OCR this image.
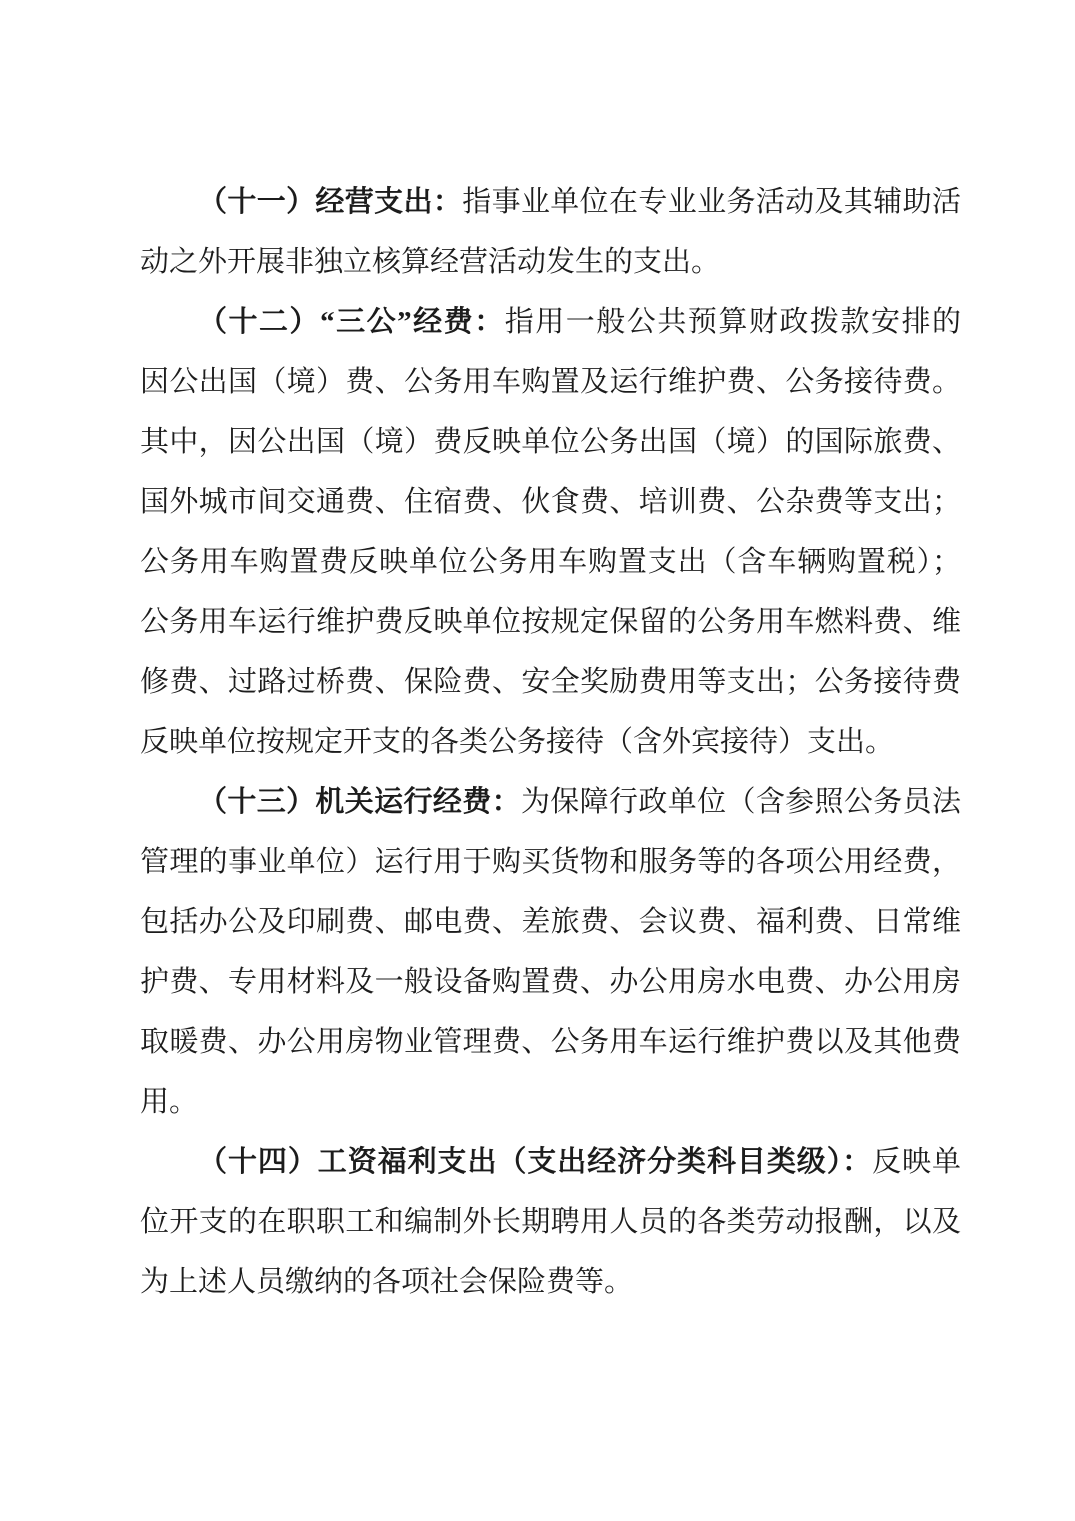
（十一）经营支出：指事业单位在专业业务活动及其辅助活
动之外开展非独立核算经营活动发生的支出。
（十二）“三公”经费：指用一般公共预算财政拨款安排的
因公出国（境）费、公务用车购置及运行维护费、公务接待费。
其中，因公出国（境）费反映单位公务出国（境）的国际旅费、
国外城市间交通费、住宿费、伙食费、培训费、公杂费等支出；
公务用车购置费反映单位公务用车购置支出（含车辆购置税）；
公务用车运行维护费反映单位按规定保留的公务用车燃料费、维
修费、过路过桥费、保险费、安全奖励费用等支出；公务接待费
反映单位按规定开支的各类公务接待（含外宾接待）支出。
（十三）机关运行经费：为保障行政单位（含参照公务员法
管理的事业单位）运行用于购买货物和服务等的各项公用经费，
包括办公及印刷费、邮电费、差旅费、会议费、福利费、日常维
护费、专用材料及一般设备购置费、办公用房水电费、办公用房
取暖费、办公用房物业管理费、公务用车运行维护费以及其他费
用。
（十四）工资福利支出（支出经济分类科目类级）：反映单
位开支的在职职工和编制外长期聘用人员的各类劳动报酬，以及
为上述人员缴纳的各项社会保险费等。
